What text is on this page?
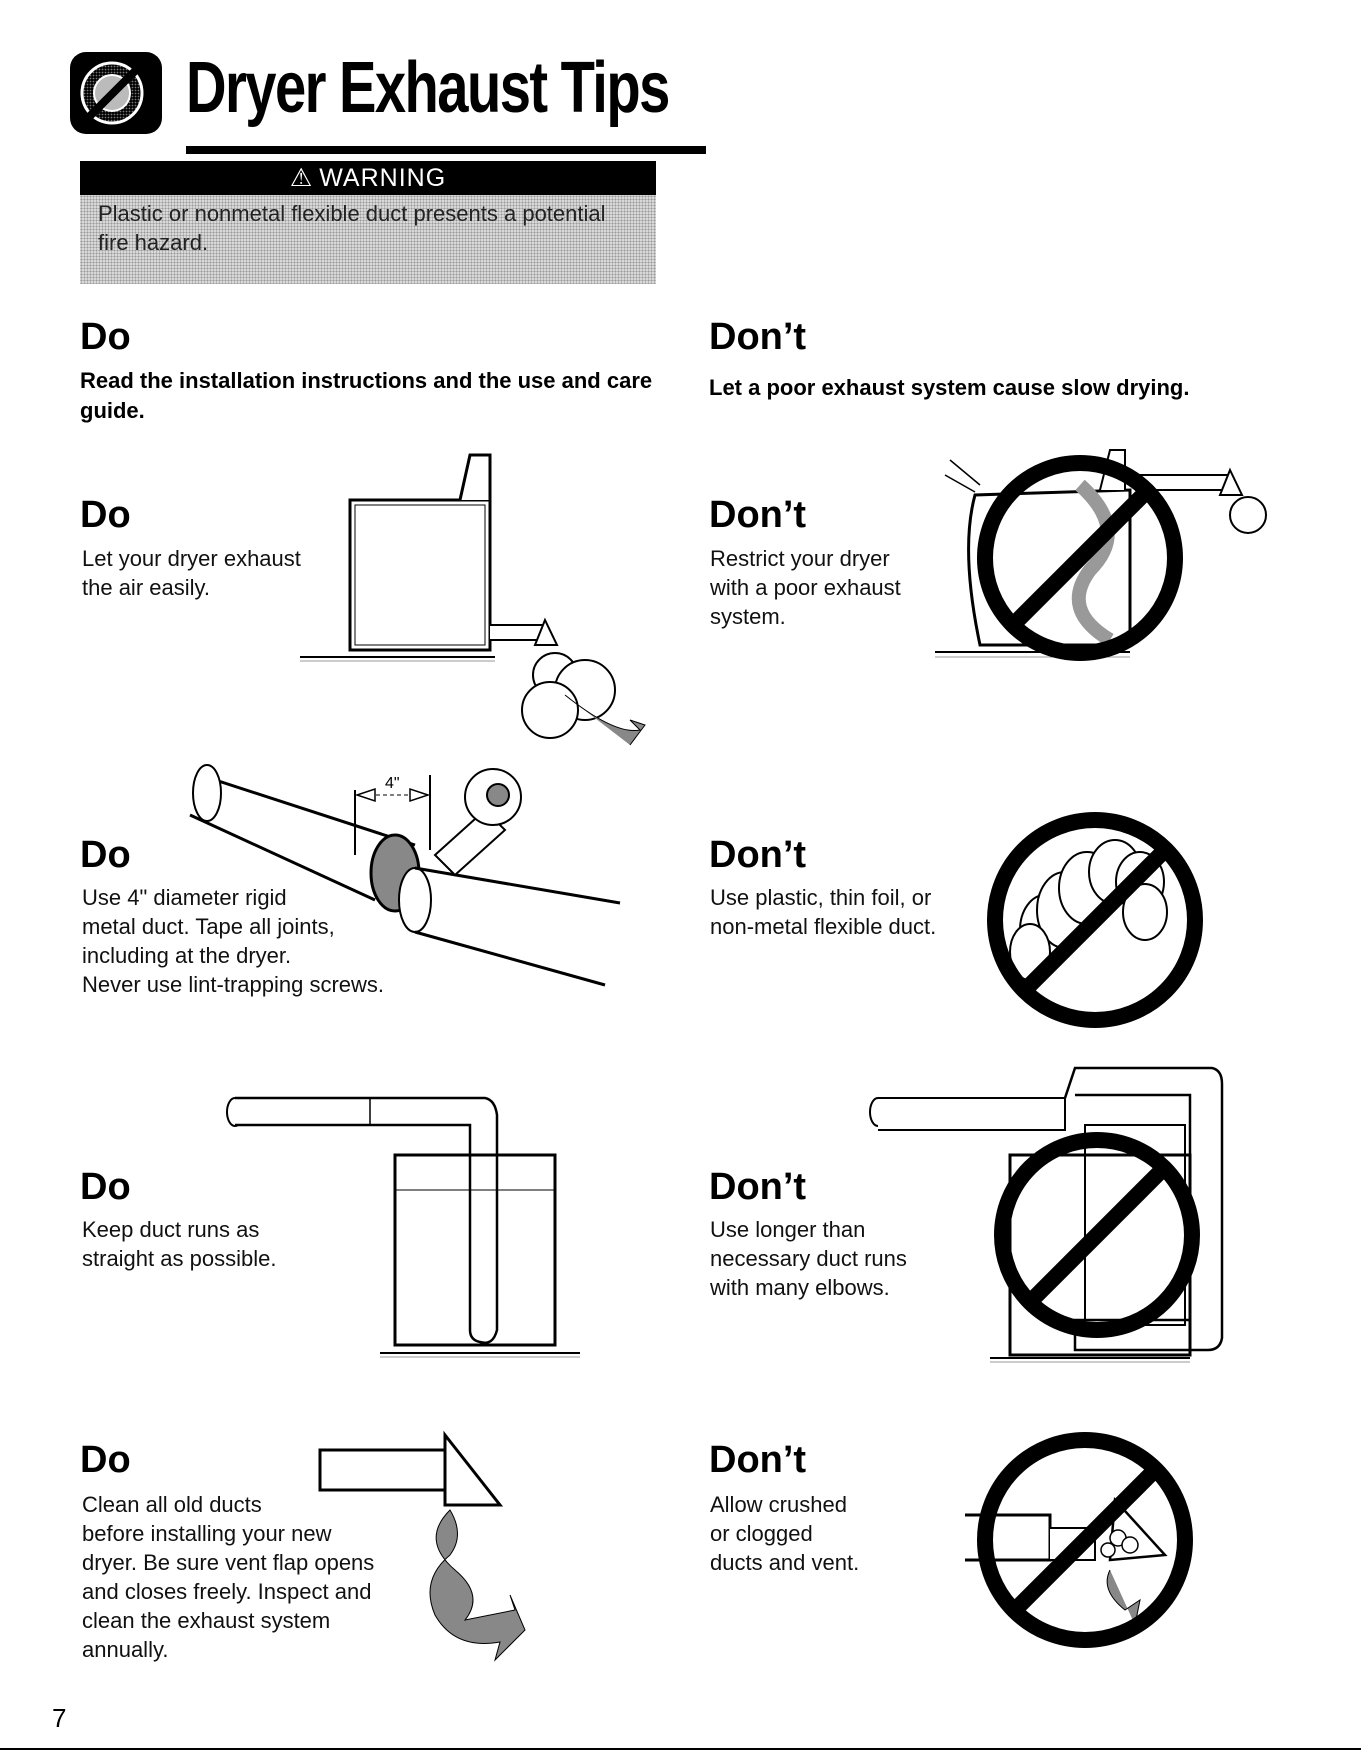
Dryer Exhaust Tips
⚠ WARNING
Plastic or nonmetal flexible duct presents a potential fire hazard.
Do
Read the installation instructions and the use and care guide.
Don’t
Let a poor exhaust system cause slow drying.
Do
Let your dryer exhaust
the air easily.
Don’t
Restrict your dryer
with a poor exhaust
system.
Do
Use 4" diameter rigid
metal duct. Tape all joints,
including at the dryer.
Never use lint-trapping screws.
4"
Don’t
Use plastic, thin foil, or
non-metal flexible duct.
Do
Keep duct runs as
straight as possible.
Don’t
Use longer than
necessary duct runs
with many elbows.
Do
Clean all old ducts
before installing your new
dryer. Be sure vent flap opens
and closes freely. Inspect and
clean the exhaust system
annually.
Don’t
Allow crushed
or clogged
ducts and vent.
7
